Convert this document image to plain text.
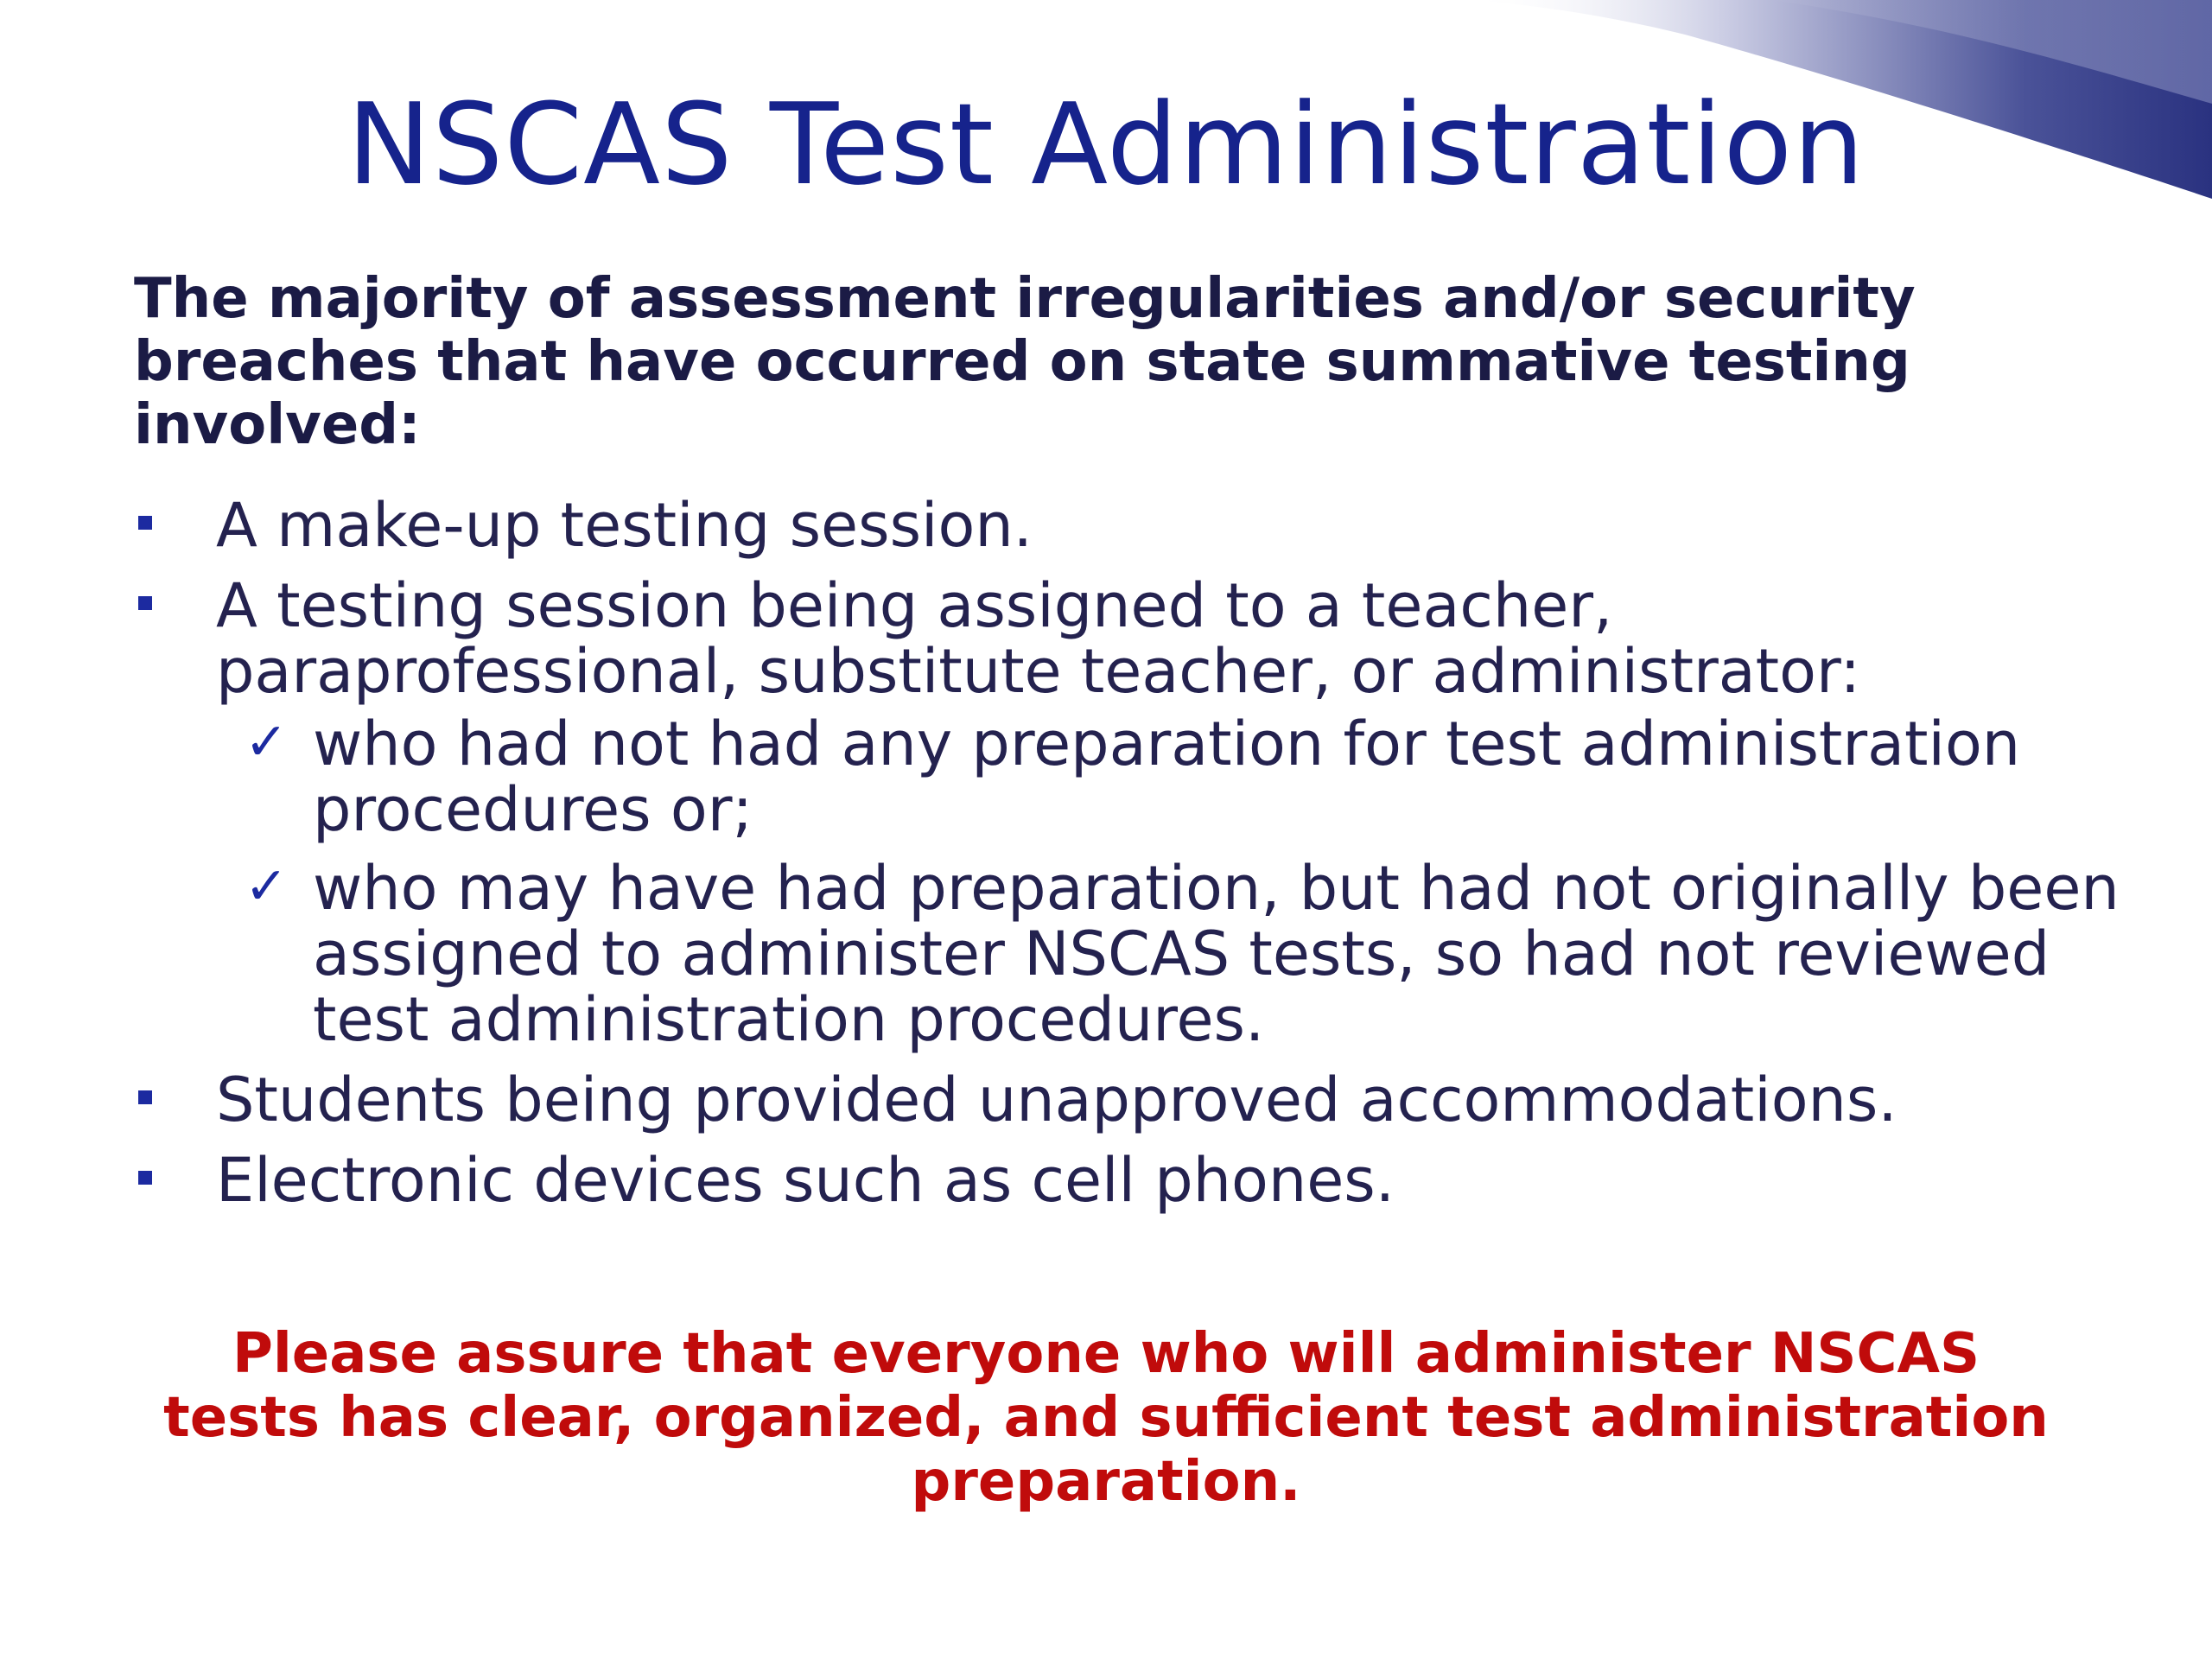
NSCAS Test Administration

The majority of assessment irregularities and/or security breaches that have occurred on state summative testing involved:

A make-up testing session.
A testing session being assigned to a teacher, paraprofessional, substitute teacher, or administrator:
✓ who had not had any preparation for test administration procedures or;
✓ who may have had preparation, but had not originally been assigned to administer NSCAS tests, so had not reviewed test administration procedures.
Students being provided unapproved accommodations.
Electronic devices such as cell phones.

Please assure that everyone who will administer NSCAS
tests has clear, organized, and sufficient test administration
preparation.
